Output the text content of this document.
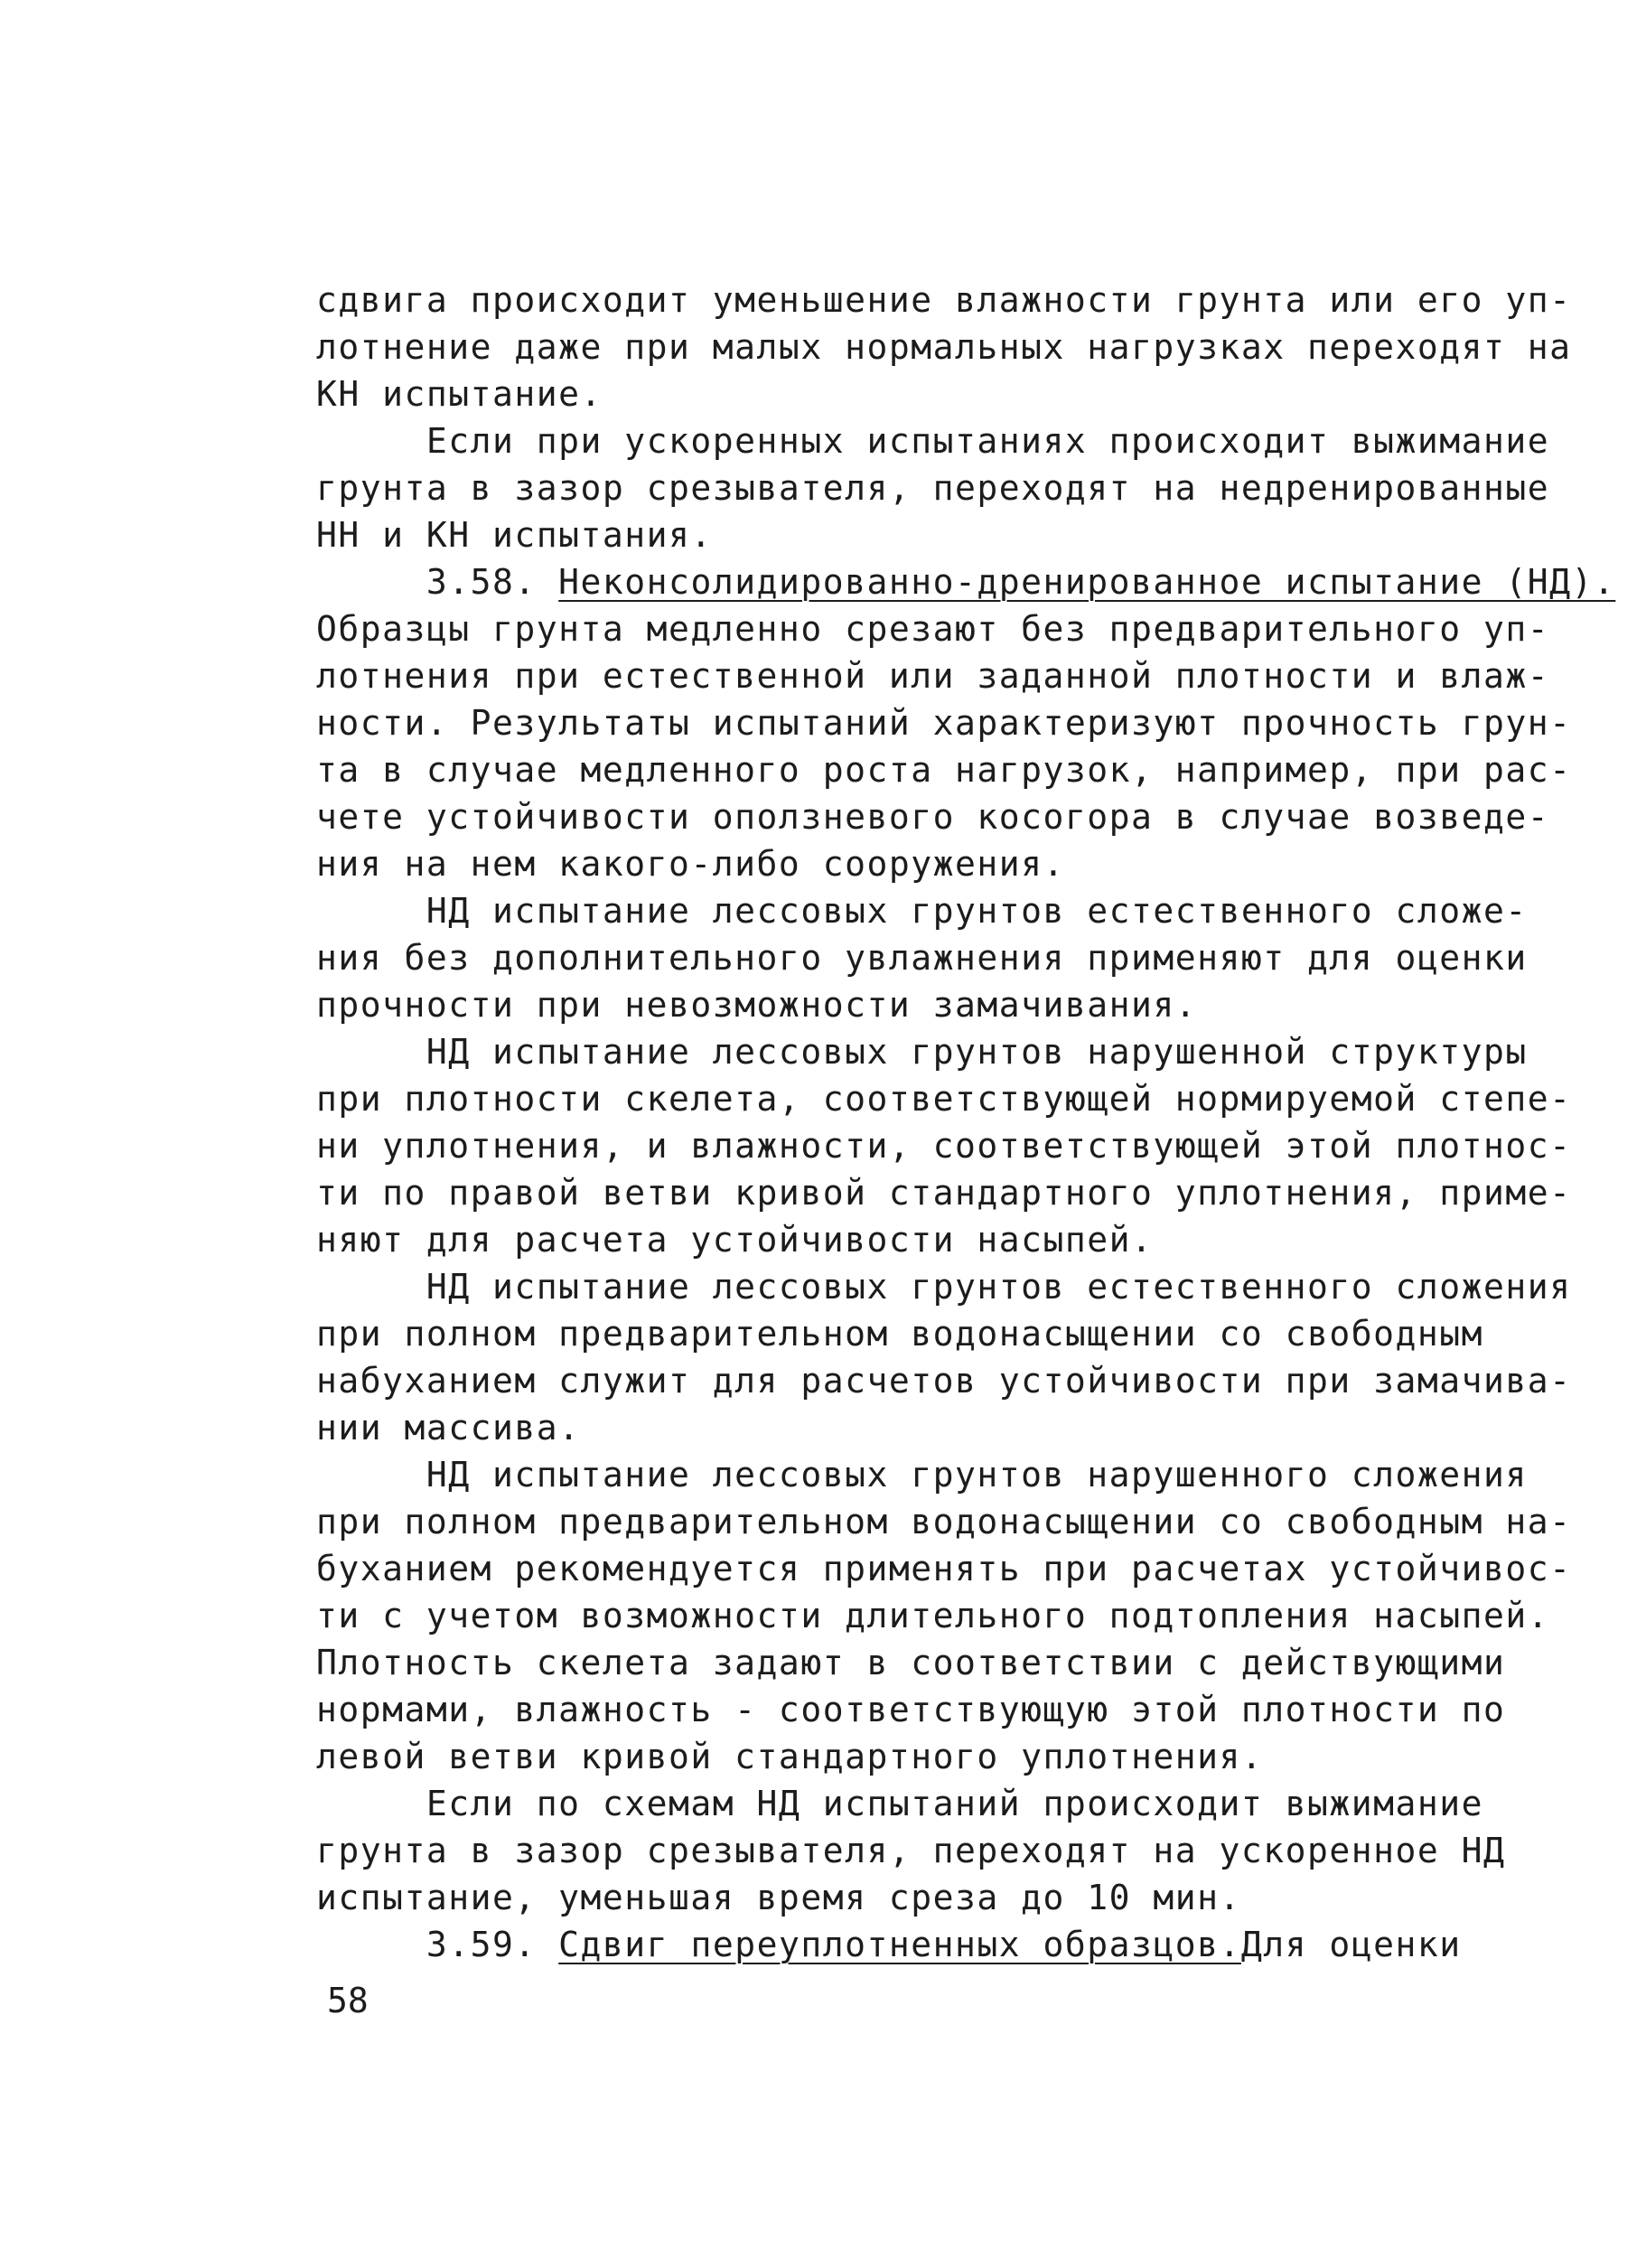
сдвига происходит уменьшение влажности грунта или его уп-
лотнение даже при малых нормальных нагрузках переходят на
КН испытание.
Если при ускоренных испытаниях происходит выжимание
грунта в зазор срезывателя, переходят на недренированные
НН и КН испытания.
3.58. Неконсолидированно-дренированное испытание (НД).
Образцы грунта медленно срезают без предварительного уп-
лотнения при естественной или заданной плотности и влаж-
ности. Результаты испытаний характеризуют прочность грун-
та в случае медленного роста нагрузок, например, при рас-
чете устойчивости оползневого косогора в случае возведе-
ния на нем какого-либо сооружения.
НД испытание лессовых грунтов естественного сложе-
ния без дополнительного увлажнения применяют для оценки
прочности при невозможности замачивания.
НД испытание лессовых грунтов нарушенной структуры
при плотности скелета, соответствующей нормируемой степе-
ни уплотнения, и влажности, соответствующей этой плотнос-
ти по правой ветви кривой стандартного уплотнения, приме-
няют для расчета устойчивости насыпей.
НД испытание лессовых грунтов естественного сложения
при полном предварительном водонасыщении со свободным
набуханием служит для расчетов устойчивости при замачива-
нии массива.
НД испытание лессовых грунтов нарушенного сложения
при полном предварительном водонасыщении со свободным на-
буханием рекомендуется применять при расчетах устойчивос-
ти с учетом возможности длительного подтопления насыпей.
Плотность скелета задают в соответствии с действующими
нормами, влажность - соответствующую этой плотности по
левой ветви кривой стандартного уплотнения.
Если по схемам НД испытаний происходит выжимание
грунта в зазор срезывателя, переходят на ускоренное НД
испытание, уменьшая время среза до 10 мин.
3.59. Сдвиг переуплотненных образцов.Для оценки
58
